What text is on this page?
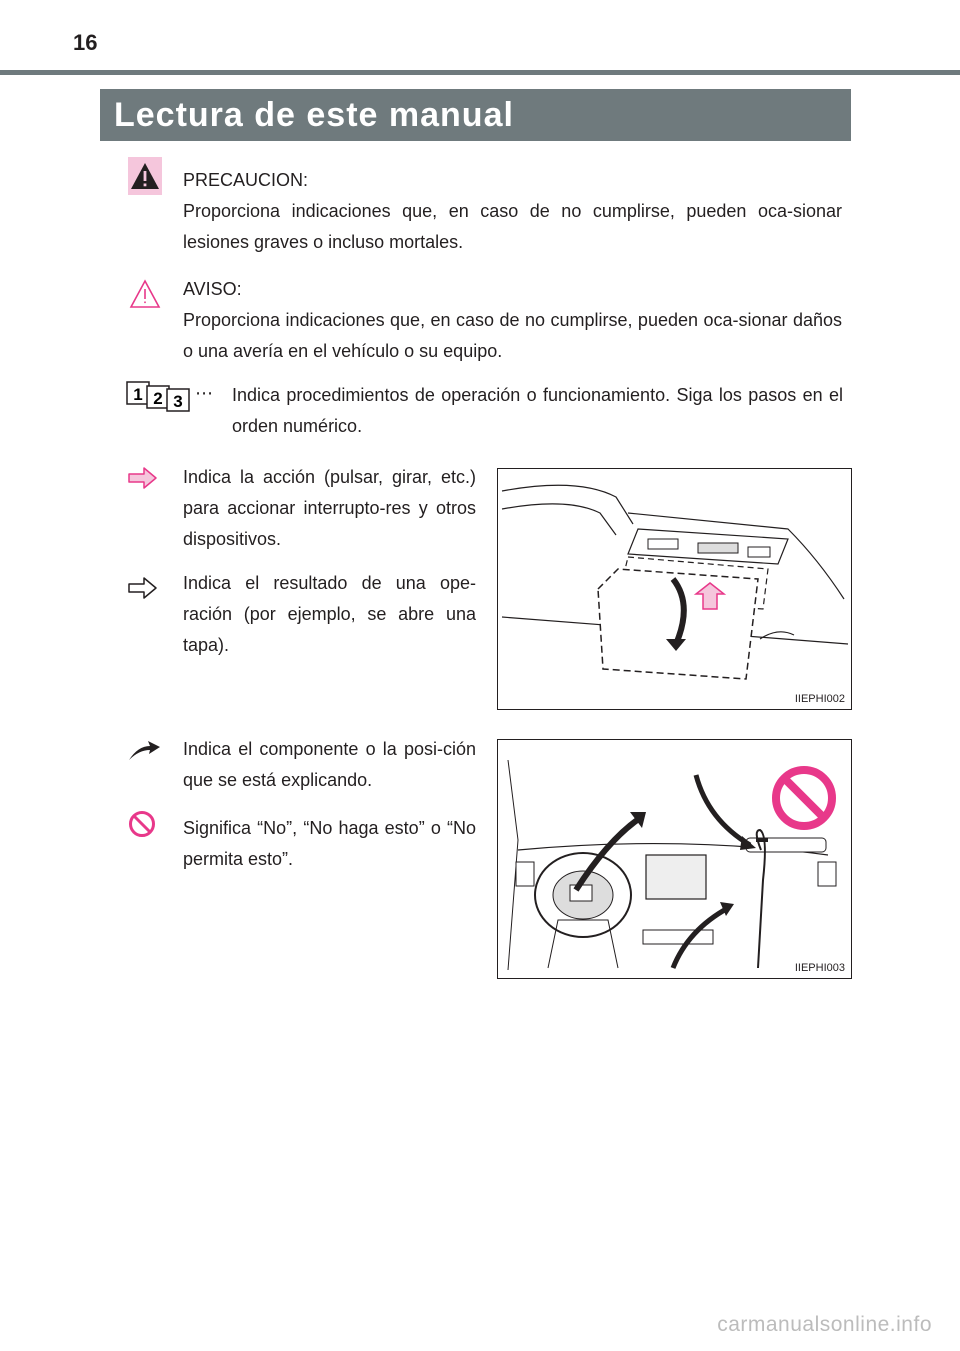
16
Lectura de este manual

PRECAUCION:

Proporciona indicaciones que, en caso de no cumplirse, pueden oca-sionar lesiones graves o incluso mortales.

AVISO:

Proporciona indicaciones que, en caso de no cumplirse, pueden oca-sionar daños o una avería en el vehículo o su equipo.

1 2 3 ⋯ Indica procedimientos de operación o funcionamiento. Siga los pasos en el orden numérico.
Indica la acción (pulsar, girar, etc.) para accionar interrupto-res y otros dispositivos.
Indica el resultado de una ope-ración (por ejemplo, se abre una tapa).
Indica el componente o la posi-ción que se está explicando.
Significa “No”, “No haga esto” o “No permita esto”.
IIEPHI002
IIEPHI003
carmanualsonline.info
